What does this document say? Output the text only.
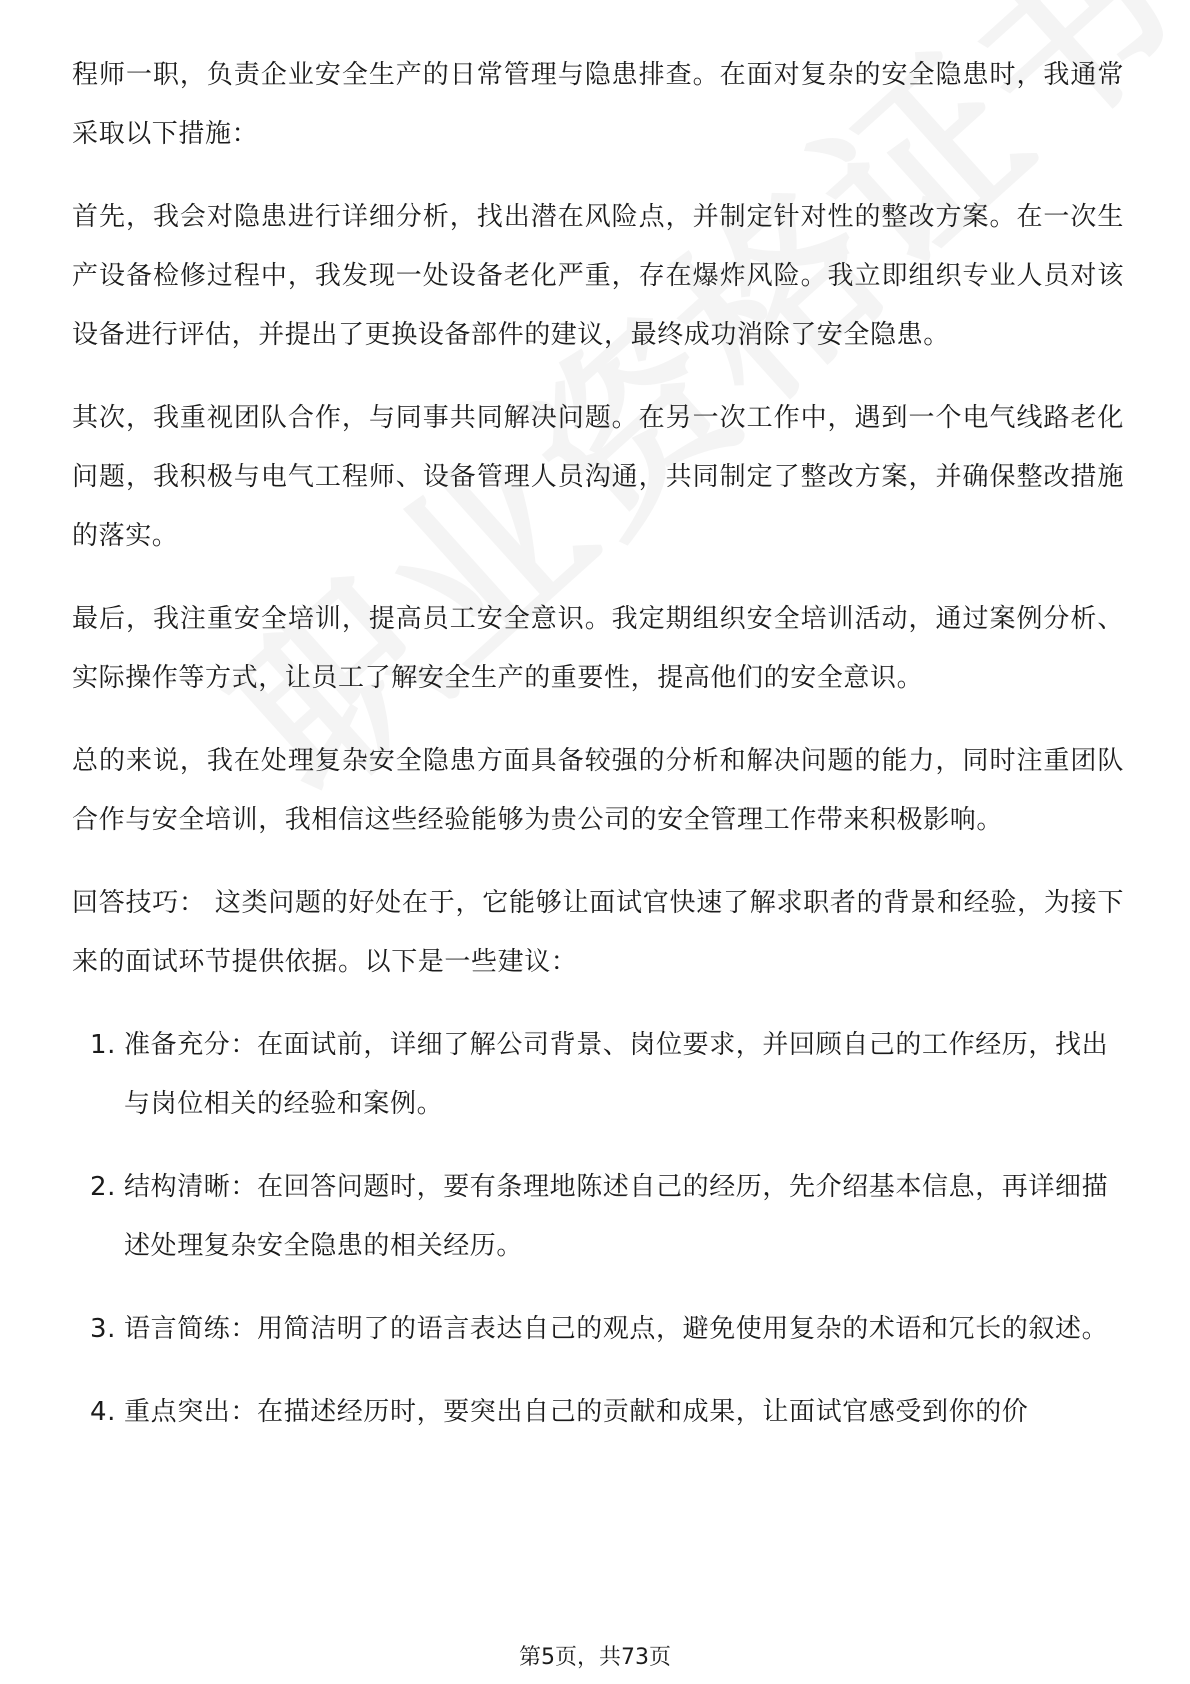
程师一职，负责企业安全生产的日常管理与隐患排查。在面对复杂的安全隐患时，我通常采取以下措施：

首先，我会对隐患进行详细分析，找出潜在风险点，并制定针对性的整改方案。在一次生产设备检修过程中，我发现一处设备老化严重，存在爆炸风险。我立即组织专业人员对该设备进行评估，并提出了更换设备部件的建议，最终成功消除了安全隐患。

其次，我重视团队合作，与同事共同解决问题。在另一次工作中，遇到一个电气线路老化问题，我积极与电气工程师、设备管理人员沟通，共同制定了整改方案，并确保整改措施的落实。

最后，我注重安全培训，提高员工安全意识。我定期组织安全培训活动，通过案例分析、实际操作等方式，让员工了解安全生产的重要性，提高他们的安全意识。

总的来说，我在处理复杂安全隐患方面具备较强的分析和解决问题的能力，同时注重团队合作与安全培训，我相信这些经验能够为贵公司的安全管理工作带来积极影响。

回答技巧： 这类问题的好处在于，它能够让面试官快速了解求职者的背景和经验，为接下来的面试环节提供依据。以下是一些建议：

1. 准备充分：在面试前，详细了解公司背景、岗位要求，并回顾自己的工作经历，找出与岗位相关的经验和案例。
2. 结构清晰：在回答问题时，要有条理地陈述自己的经历，先介绍基本信息，再详细描述处理复杂安全隐患的相关经历。
3. 语言简练：用简洁明了的语言表达自己的观点，避免使用复杂的术语和冗长的叙述。
4. 重点突出：在描述经历时，要突出自己的贡献和成果，让面试官感受到你的价
第5页，共73页
